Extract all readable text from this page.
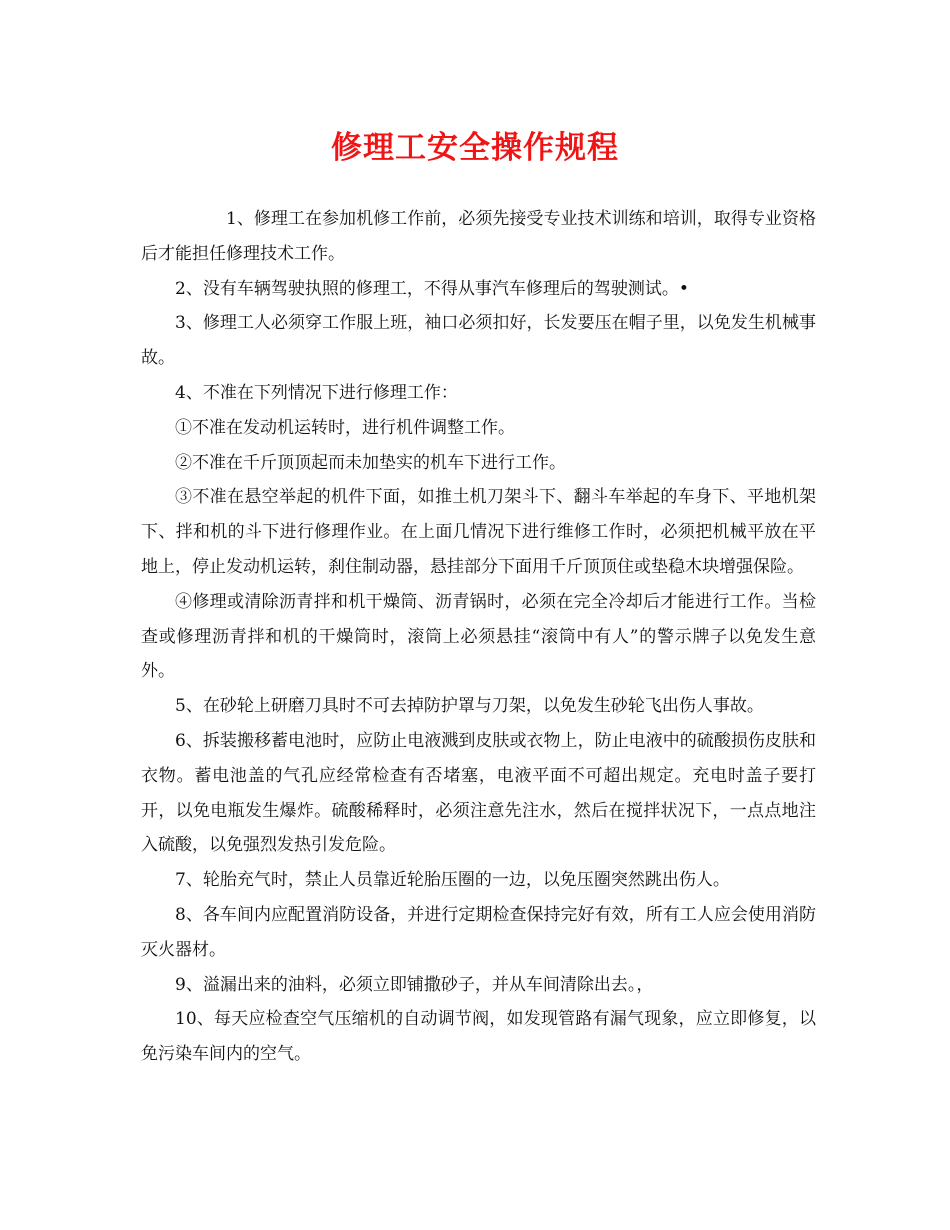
修理工安全操作规程

1、修理工在参加机修工作前，必须先接受专业技术训练和培训，取得专业资格后才能担任修理技术工作。

2、没有车辆驾驶执照的修理工，不得从事汽车修理后的驾驶测试。•

3、修理工人必须穿工作服上班，袖口必须扣好，长发要压在帽子里，以免发生机械事故。

4、不准在下列情况下进行修理工作：

①不准在发动机运转时，进行机件调整工作。

②不准在千斤顶顶起而未加垫实的机车下进行工作。

③不准在悬空举起的机件下面，如推土机刀架斗下、翻斗车举起的车身下、平地机架下、拌和机的斗下进行修理作业。在上面几情况下进行维修工作时，必须把机械平放在平地上，停止发动机运转，刹住制动器，悬挂部分下面用千斤顶顶住或垫稳木块增强保险。

④修理或清除沥青拌和机干燥筒、沥青锅时，必须在完全冷却后才能进行工作。当检查或修理沥青拌和机的干燥筒时，滚筒上必须悬挂“滚筒中有人”的警示牌子以免发生意外。

5、在砂轮上研磨刀具时不可去掉防护罩与刀架，以免发生砂轮飞出伤人事故。

6、拆装搬移蓄电池时，应防止电液溅到皮肤或衣物上，防止电液中的硫酸损伤皮肤和衣物。蓄电池盖的气孔应经常检查有否堵塞，电液平面不可超出规定。充电时盖子要打开，以免电瓶发生爆炸。硫酸稀释时，必须注意先注水，然后在搅拌状况下，一点点地注入硫酸，以免强烈发热引发危险。

7、轮胎充气时，禁止人员靠近轮胎压圈的一边，以免压圈突然跳出伤人。

8、各车间内应配置消防设备，并进行定期检查保持完好有效，所有工人应会使用消防灭火器材。

9、溢漏出来的油料，必须立即铺撒砂子，并从车间清除出去。，

10、每天应检查空气压缩机的自动调节阀，如发现管路有漏气现象，应立即修复，以免污染车间内的空气。
